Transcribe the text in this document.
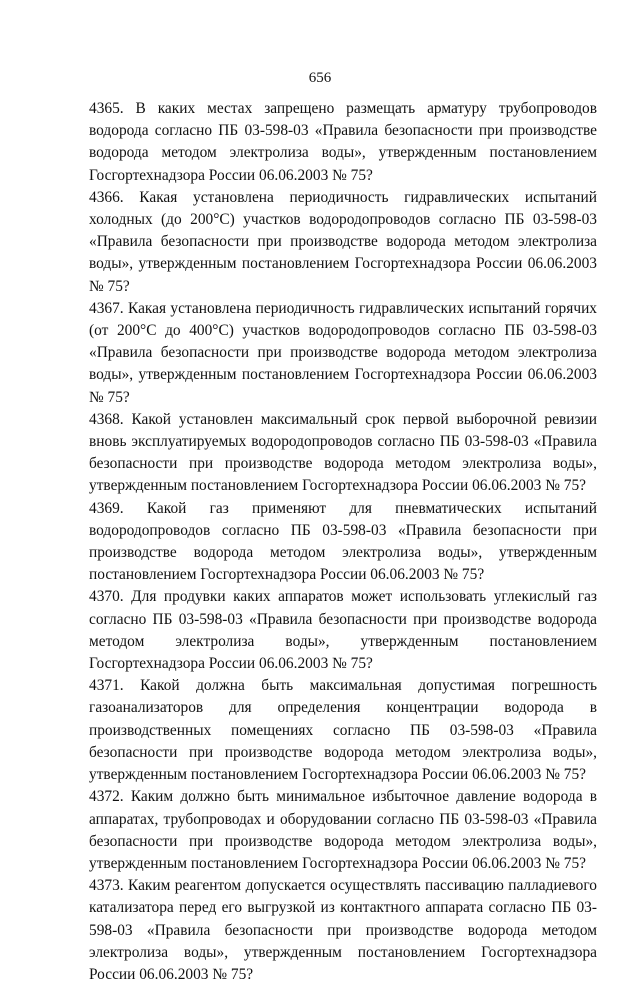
656

4365. В каких местах запрещено размещать арматуру трубопроводов водорода согласно ПБ 03-598-03 «Правила безопасности при производстве водорода методом электролиза воды», утвержденным постановлением Госгортехнадзора России 06.06.2003 № 75?

4366. Какая установлена периодичность гидравлических испытаний холодных (до 200°С) участков водородопроводов согласно ПБ 03-598-03 «Правила безопасности при производстве водорода методом электролиза воды», утвержденным постановлением Госгортехнадзора России 06.06.2003 № 75?

4367. Какая установлена периодичность гидравлических испытаний горячих (от 200°С до 400°С) участков водородопроводов согласно ПБ 03-598-03 «Правила безопасности при производстве водорода методом электролиза воды», утвержденным постановлением Госгортехнадзора России 06.06.2003 № 75?

4368. Какой установлен максимальный срок первой выборочной ревизии вновь эксплуатируемых водородопроводов согласно ПБ 03-598-03 «Правила безопасности при производстве водорода методом электролиза воды», утвержденным постановлением Госгортехнадзора России 06.06.2003 № 75?

4369. Какой газ применяют для пневматических испытаний водородопроводов согласно ПБ 03-598-03 «Правила безопасности при производстве водорода методом электролиза воды», утвержденным постановлением Госгортехнадзора России 06.06.2003 № 75?

4370. Для продувки каких аппаратов может использовать углекислый газ согласно ПБ 03-598-03 «Правила безопасности при производстве водорода методом электролиза воды», утвержденным постановлением Госгортехнадзора России 06.06.2003 № 75?

4371. Какой должна быть максимальная допустимая погрешность газоанализаторов для определения концентрации водорода в производственных помещениях согласно ПБ 03-598-03 «Правила безопасности при производстве водорода методом электролиза воды», утвержденным постановлением Госгортехнадзора России 06.06.2003 № 75?

4372. Каким должно быть минимальное избыточное давление водорода в аппаратах, трубопроводах и оборудовании согласно ПБ 03-598-03 «Правила безопасности при производстве водорода методом электролиза воды», утвержденным постановлением Госгортехнадзора России 06.06.2003 № 75?

4373. Каким реагентом допускается осуществлять пассивацию палладиевого катализатора перед его выгрузкой из контактного аппарата согласно ПБ 03-598-03 «Правила безопасности при производстве водорода методом электролиза воды», утвержденным постановлением Госгортехнадзора России 06.06.2003 № 75?
